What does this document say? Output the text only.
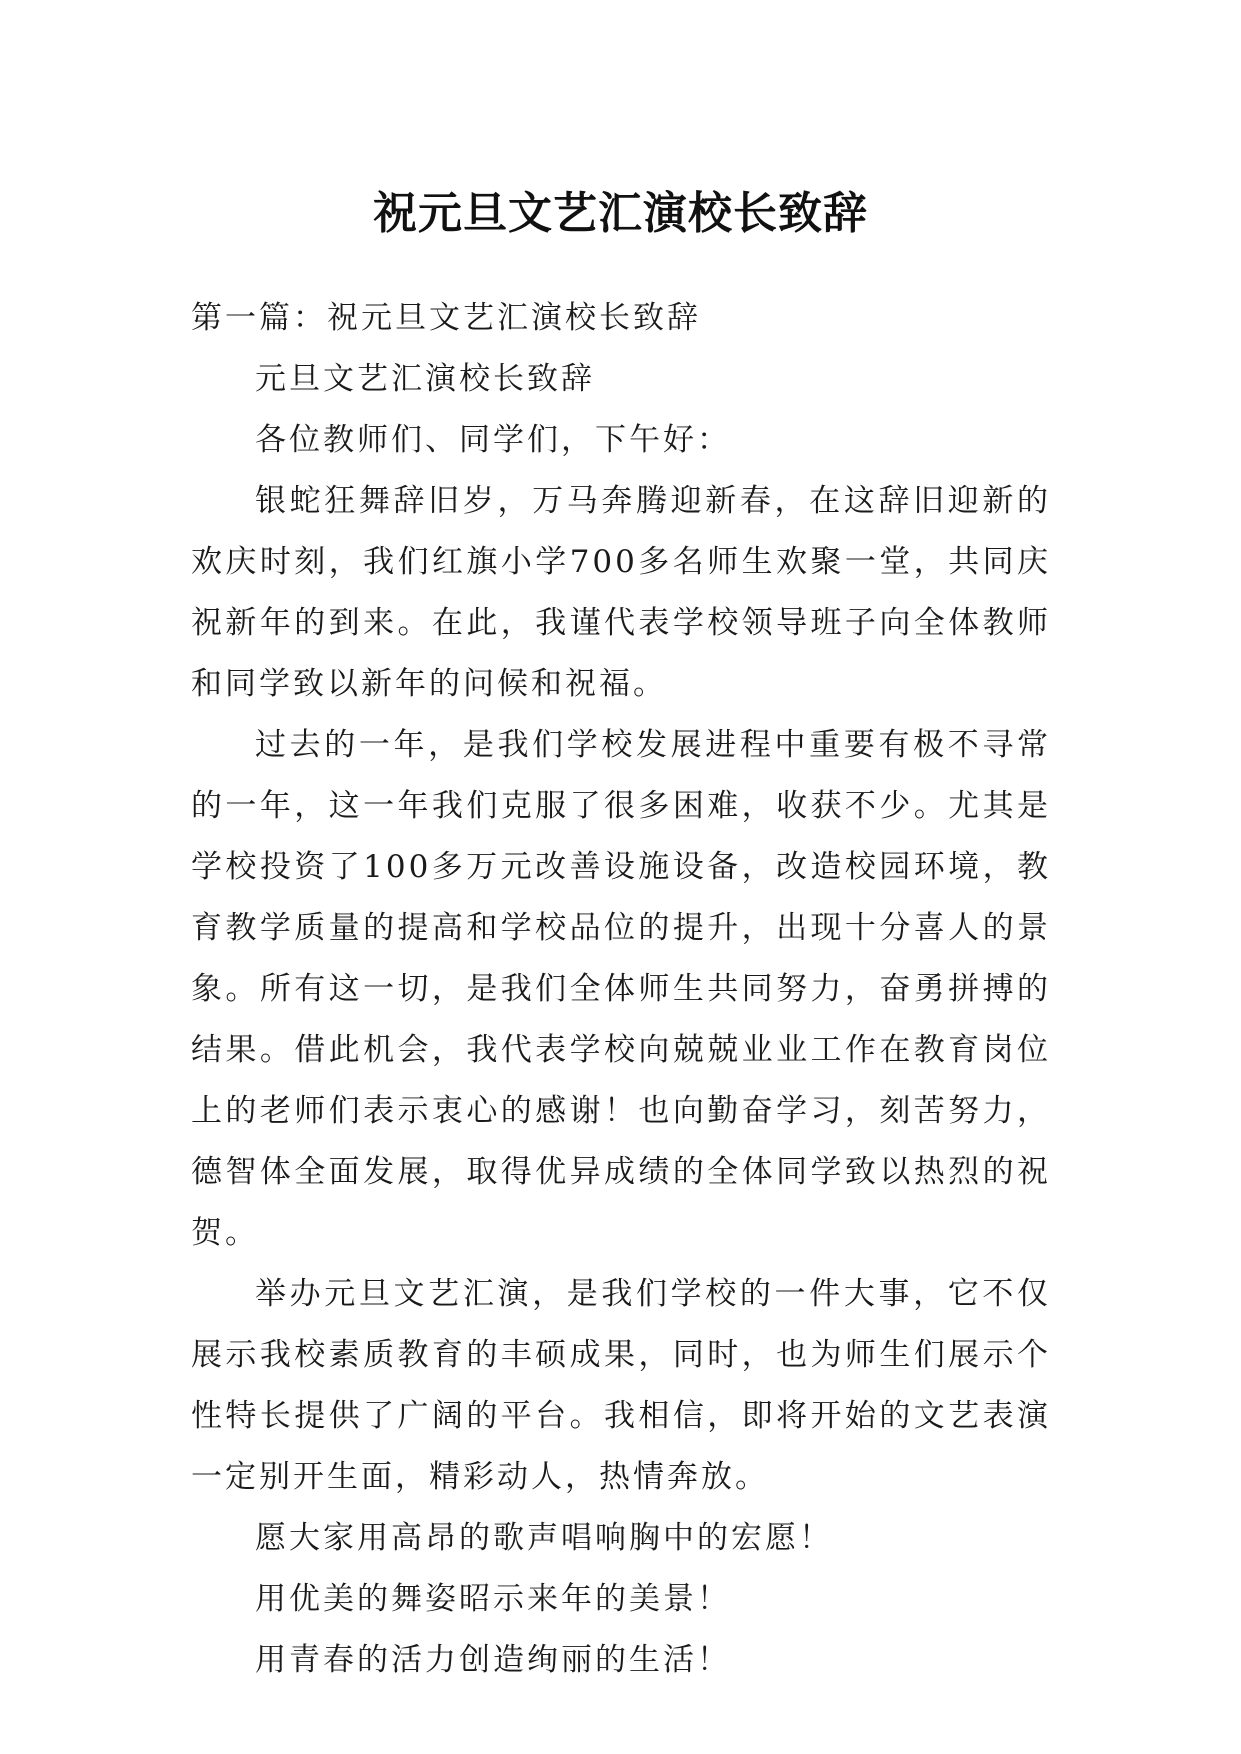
祝元旦文艺汇演校长致辞

第一篇：祝元旦文艺汇演校长致辞

元旦文艺汇演校长致辞

各位教师们、同学们，下午好：

银蛇狂舞辞旧岁，万马奔腾迎新春，在这辞旧迎新的欢庆时刻，我们红旗小学700多名师生欢聚一堂，共同庆祝新年的到来。在此，我谨代表学校领导班子向全体教师和同学致以新年的问候和祝福。

过去的一年，是我们学校发展进程中重要有极不寻常的一年，这一年我们克服了很多困难，收获不少。尤其是学校投资了100多万元改善设施设备，改造校园环境，教育教学质量的提高和学校品位的提升，出现十分喜人的景象。所有这一切，是我们全体师生共同努力，奋勇拼搏的结果。借此机会，我代表学校向兢兢业业工作在教育岗位上的老师们表示衷心的感谢！也向勤奋学习，刻苦努力，德智体全面发展，取得优异成绩的全体同学致以热烈的祝贺。

举办元旦文艺汇演，是我们学校的一件大事，它不仅展示我校素质教育的丰硕成果，同时，也为师生们展示个性特长提供了广阔的平台。我相信，即将开始的文艺表演一定别开生面，精彩动人，热情奔放。

愿大家用高昂的歌声唱响胸中的宏愿！

用优美的舞姿昭示来年的美景！

用青春的活力创造绚丽的生活！
